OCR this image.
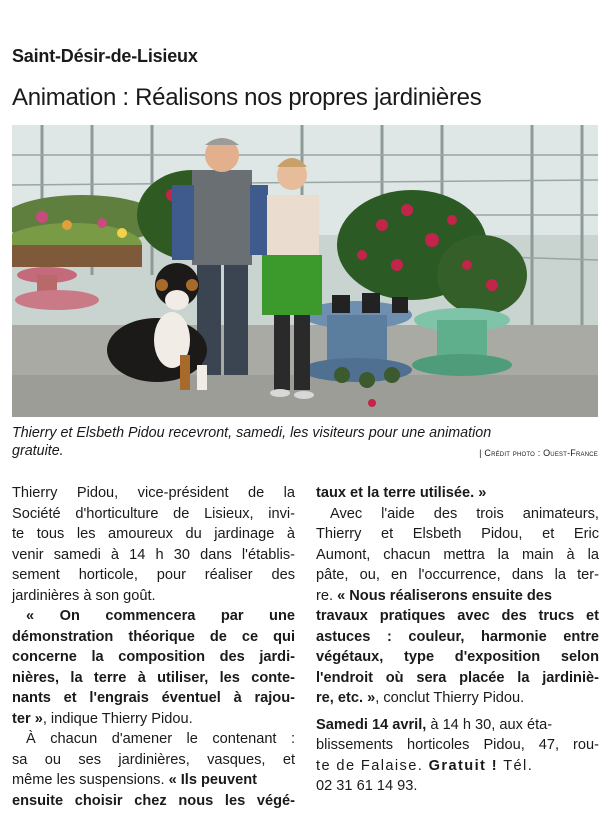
Saint-Désir-de-Lisieux
Animation : Réalisons nos propres jardinières
Thierry et Elsbeth Pidou recevront, samedi, les visiteurs pour une animation
gratuite.	| Crédit photo : Ouest-France
Thierry Pidou, vice-président de la
Société d'horticulture de Lisieux, invi-
te tous les amoureux du jardinage à
venir samedi à 14 h 30 dans l'établis-
sement horticole, pour réaliser des
jardinières à son goût.
« On commencera par une
démonstration théorique de ce qui
concerne la composition des jardi-
nières, la terre à utiliser, les conte-
nants et l'engrais éventuel à rajou-
ter », indique Thierry Pidou.
À chacun d'amener le contenant :
sa ou ses jardinières, vasques, et
même les suspensions. « Ils peuvent
ensuite choisir chez nous les végé-
taux et la terre utilisée. »
Avec l'aide des trois animateurs,
Thierry et Elsbeth Pidou, et Eric
Aumont, chacun mettra la main à la
pâte, ou, en l'occurrence, dans la ter-
re. « Nous réaliserons ensuite des
travaux pratiques avec des trucs et
astuces : couleur, harmonie entre
végétaux, type d'exposition selon
l'endroit où sera placée la jardiniè-
re, etc. », conclut Thierry Pidou.
Samedi 14 avril, à 14 h 30, aux éta-
blissements horticoles Pidou, 47, rou-
te de Falaise. Gratuit ! Tél.
02 31 61 14 93.
